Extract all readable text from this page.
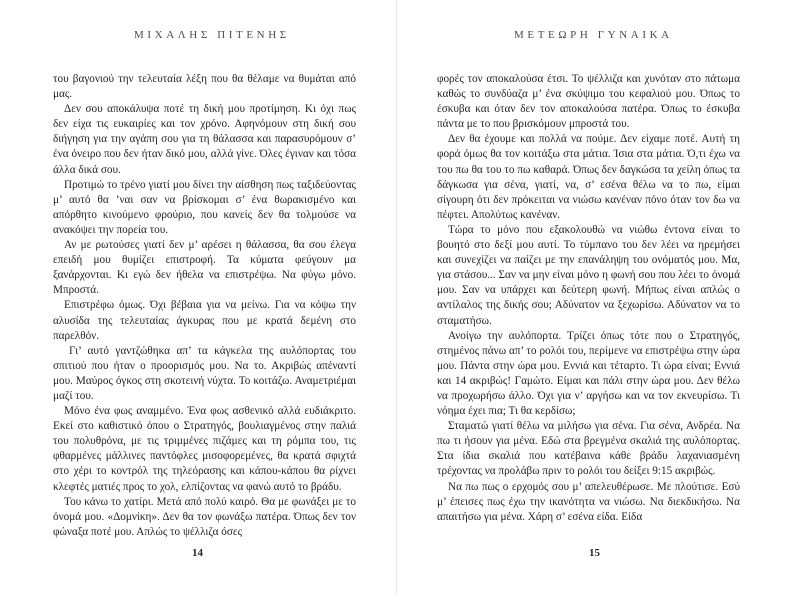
ΜΙΧΑΛΗΣ ΠΙΤΕΝΗΣ

του βαγονιού την τελευταία λέξη που θα θέλαμε να θυμάται από μας.

Δεν σου αποκάλυψα ποτέ τη δική μου προτίμηση. Κι όχι πως δεν είχα τις ευκαιρίες και τον χρόνο. Αφηνόμουν στη δική σου διήγηση για την αγάπη σου για τη θάλασσα και παρασυρόμουν σ’ ένα όνειρο που δεν ήταν δικό μου, αλλά γίνε. Όλες έγιναν και τόσα άλλα δικά σου.

Προτιμώ το τρένο γιατί μου δίνει την αίσθηση πως ταξιδεύοντας μ’ αυτό θα ’ναι σαν να βρίσκομαι σ’ ένα θωρακισμένο και απόρθητο κινούμενο φρούριο, που κανείς δεν θα τολμούσε να ανακόψει την πορεία του.

Αν με ρωτούσες γιατί δεν μ’ αρέσει η θάλασσα, θα σου έλεγα επειδή μου θυμίζει επιστροφή. Τα κύματα φεύγουν μα ξανάρχονται. Κι εγώ δεν ήθελα να επιστρέψω. Να φύγω μόνο. Μπροστά.

Επιστρέφω όμως. Όχι βέβαια για να μείνω. Για να κόψω την αλυσίδα της τελευταίας άγκυρας που με κρατά δεμένη στο παρελθόν.

Γι’ αυτό γαντζώθηκα απ’ τα κάγκελα της αυλόπορτας του σπιτιού που ήταν ο προορισμός μου. Να το. Ακριβώς απέναντί μου. Μαύρος όγκος στη σκοτεινή νύχτα. Το κοιτάζω. Αναμετριέμαι μαζί του.

Μόνο ένα φως αναμμένο. Ένα φως ασθενικό αλλά ευδιάκριτο. Εκεί στο καθιστικό όπου ο Στρατηγός, βουλιαγμένος στην παλιά του πολυθρόνα, με τις τριμμένες πιζάμες και τη ρόμπα του, τις φθαρμένες μάλλινες παντόφλες μισοφορεμένες, θα κρατά σφιχτά στο χέρι το κοντρόλ της τηλεόρασης και κάπου-κάπου θα ρίχνει κλεφτές ματιές προς το χολ, ελπίζοντας να φανώ αυτό το βράδυ.

Του κάνω το χατίρι. Μετά από πολύ καιρό. Θα με φωνάξει με το όνομά μου. «Δομνίκη». Δεν θα τον φωνάξω πατέρα. Όπως δεν τον φώναξα ποτέ μου. Απλώς το ψέλλιζα όσες

14
ΜΕΤΕΩΡΗ ΓΥΝΑΙΚΑ

φορές τον αποκαλούσα έτσι. Το ψέλλιζα και χυνόταν στο πάτωμα καθώς το συνδύαζα μ’ ένα σκύψιμο του κεφαλιού μου. Όπως το έσκυβα και όταν δεν τον αποκαλούσα πατέρα. Όπως το έσκυβα πάντα με το που βρισκόμουν μπροστά του.

Δεν θα έχουμε και πολλά να πούμε. Δεν είχαμε ποτέ. Αυτή τη φορά όμως θα τον κοιτάξω στα μάτια. Ίσια στα μάτια. Ό,τι έχω να του πω θα του το πω καθαρά. Όπως δεν δαγκώσα τα χείλη όπως τα δάγκωσα για σένα, γιατί, να, σ’ εσένα θέλω να το πω, είμαι σίγουρη ότι δεν πρόκειται να νιώσω κανέναν πόνο όταν τον δω να πέφτει. Απολύτως κανέναν.

Τώρα το μόνο που εξακολουθώ να νιώθω έντονα είναι το βουητό στο δεξί μου αυτί. Το τύμπανο του δεν λέει να ηρεμήσει και συνεχίζει να παίζει με την επανάληψη του ονόματός μου. Μα, για στάσου... Σαν να μην είναι μόνο η φωνή σου που λέει το όνομά μου. Σαν να υπάρχει και δεύτερη φωνή. Μήπως είναι απλώς ο αντίλαλος της δικής σου; Αδύνατον να ξεχωρίσω. Αδύνατον να το σταματήσω.

Ανοίγω την αυλόπορτα. Τρίζει όπως τότε που ο Στρατηγός, στημένος πάνω απ’ το ρολόι του, περίμενε να επιστρέψω στην ώρα μου. Πάντα στην ώρα μου. Εννιά και τέταρτο. Τι ώρα είναι; Εννιά και 14 ακριβώς! Γαμώτο. Είμαι και πάλι στην ώρα μου. Δεν θέλω να προχωρήσω άλλο. Όχι για ν’ αργήσω και να τον εκνευρίσω. Τι νόημα έχει πια; Τι θα κερδίσω;

Σταματώ γιατί θέλω να μιλήσω για σένα. Για σένα, Ανδρέα. Να πω τι ήσουν για μένα. Εδώ στα βρεγμένα σκαλιά της αυλόπορτας. Στα ίδια σκαλιά που κατέβαινα κάθε βράδυ λαχανιασμένη τρέχοντας να προλάβω πριν το ρολόι του δείξει 9:15 ακριβώς.

Να πω πως ο ερχομός σου μ’ απελευθέρωσε. Με πλούτισε. Εσύ μ’ έπεισες πως έχω την ικανότητα να νιώσω. Να διεκδικήσω. Να απαιτήσω για μένα. Χάρη σ’ εσένα είδα. Είδα

15
